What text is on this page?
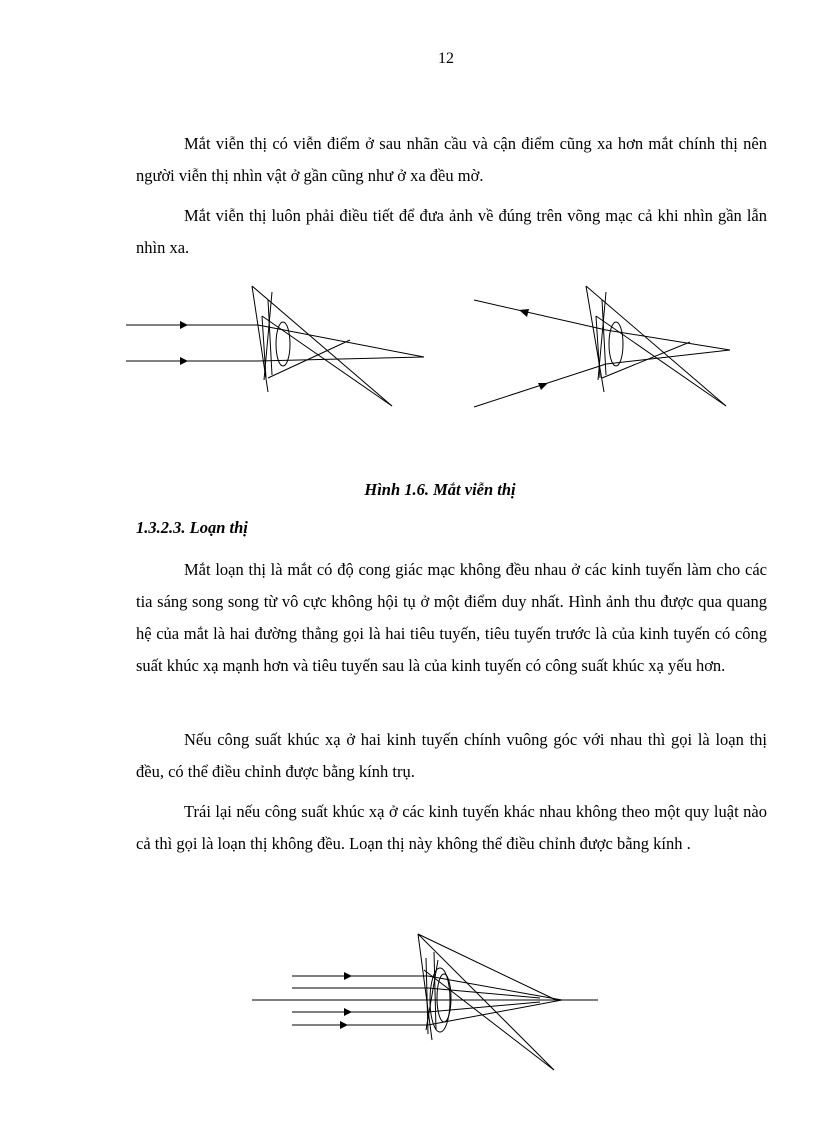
12

Mắt viễn thị có viễn điểm ở sau nhãn cầu và cận điểm cũng xa hơn mắt chính thị nên người viễn thị nhìn vật ở gần cũng như ở xa đều mờ.

Mắt viễn thị luôn phải điều tiết để đưa ảnh về đúng trên võng mạc cả khi nhìn gần lẫn nhìn xa.

Hình 1.6. Mắt viễn thị
1.3.2.3. Loạn thị

Mắt loạn thị là mắt có độ cong giác mạc không đều nhau ở các kinh tuyến làm cho các tia sáng song song từ vô cực không hội tụ ở một điểm duy nhất. Hình ảnh thu được qua quang hệ của mắt là hai đường thẳng gọi là hai tiêu tuyến, tiêu tuyến trước là của kinh tuyến có công suất khúc xạ mạnh hơn và tiêu tuyến sau là của kinh tuyến có công suất khúc xạ yếu hơn.

Nếu công suất khúc xạ ở hai kinh tuyến chính vuông góc với nhau thì gọi là loạn thị đều, có thể điều chỉnh được bằng kính trụ.

Trái lại nếu công suất khúc xạ ở các kinh tuyến khác nhau không theo một quy luật nào cả thì gọi là loạn thị không đều. Loạn thị này không thể điều chỉnh được bằng kính .
